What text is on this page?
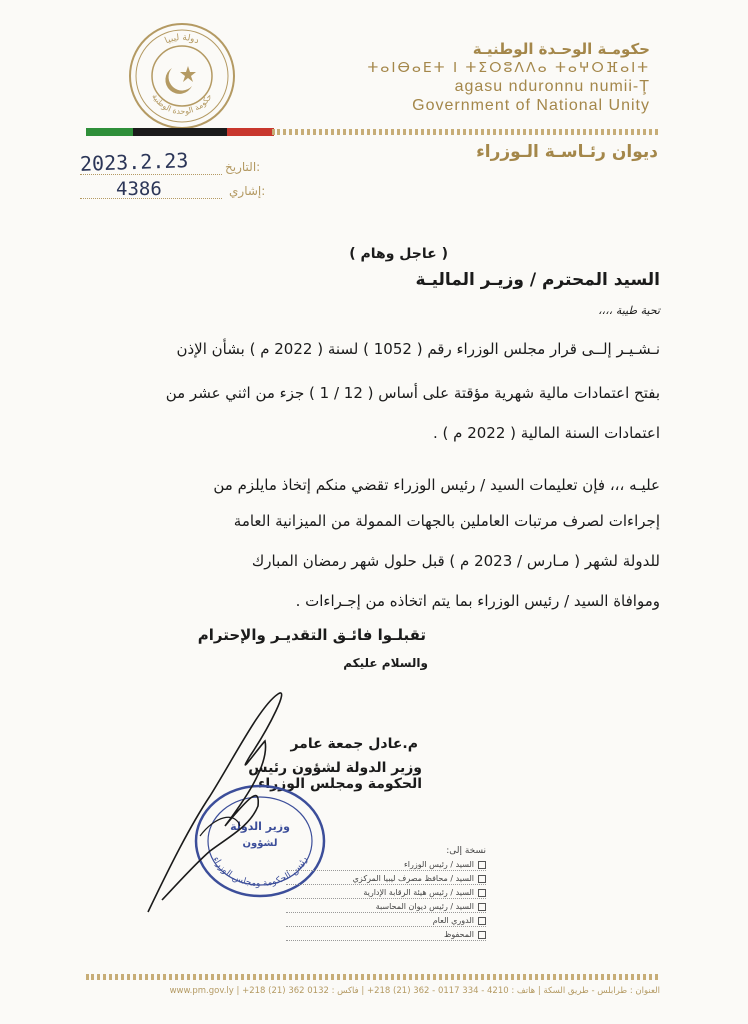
دولة ليبيا
حكومة الوحدة الوطنية
حكومـة الوحـدة الوطنيـة
ⵜⴰⵏⴱⴰⴹⵜ ⵏ ⵜⵉⵔⵓⴷⴷⴰ ⵜⴰⵖⵔⴼⴰⵏⵜ
agasu nduronnu numii-Ţ
Government of National Unity
ديوان رئـاسـة الـوزراء
2023.2.23	التاريخ:
4386	إشاري:
( عاجل وهام )
السيد المحترم / وزيـر الماليـة
تحية طيبة ،،،،
نـشـيـر إلــى قرار مجلس الوزراء رقم ( 1052 ) لسنة ( 2022 م ) بشأن الإذن
بفتح اعتمادات مالية شهرية مؤقتة على أساس ( 12 / 1 ) جزء من اثني عشر من
اعتمادات السنة المالية ( 2022 م ) .
عليـه ،،، فإن تعليمات السيد / رئيس الوزراء تقضي منكم إتخاذ مايلزم من
إجراءات لصرف مرتبات العاملين بالجهات الممولة من الميزانية العامة
للدولة لشهر ( مـارس / 2023 م ) قبل حلول شهر رمضان المبارك
وموافاة السيد / رئيس الوزراء بما يتم اتخاذه من إجـراءات .
تقبلـوا فائـق التقديـر والإحترام
والسلام عليكم
م.عادل جمعة عامر
وزير الدولة لشؤون رئيس الحكومة ومجلس الوزراء
رئيس الحكومة ومجلس الوزراء
وزير الدولة
لشؤون
نسخة إلى:
السيد / رئيس الوزراء
السيد / محافظ مصرف ليبيا المركزي
السيد / رئيس هيئة الرقابة الإدارية
السيد / رئيس ديوان المحاسبة
الدوري العام
المحفوظ
العنوان : طرابلس - طريق السكة | هاتف : 4210 - 334 0117 - 362 (21) 218+ | فاكس : 0132 362 (21) 218+ | www.pm.gov.ly
